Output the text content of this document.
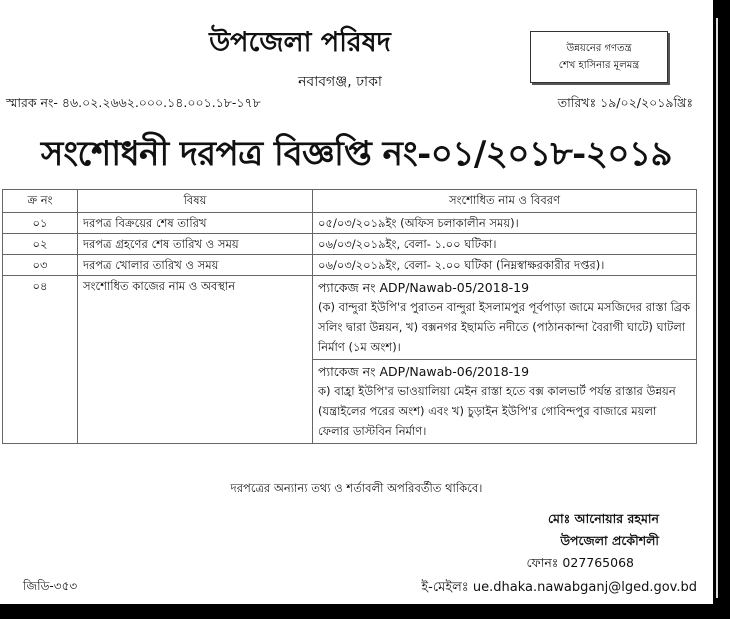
উপজেলা পরিষদ
নবাবগঞ্জ, ঢাকা
উন্নয়নের গণতন্ত্র
শেখ হাসিনার মূলমন্ত্র
স্মারক নং- ৪৬.০২.২৬৬২.০০০.১৪.০০১.১৮-১৭৮	তারিখঃ ১৯/০২/২০১৯খ্রিঃ
সংশোধনী দরপত্র বিজ্ঞপ্তি নং-০১/২০১৮-২০১৯
ক্র নং	বিষয়	সংশোধিত নাম ও বিবরণ
০১	দরপত্র বিক্রয়ের শেষ তারিখ	০৫/০৩/২০১৯ইং (অফিস চলাকালীন সময়)।
০২	দরপত্র গ্রহণের শেষ তারিখ ও সময়	০৬/০৩/২০১৯ইং, বেলা- ১.০০ ঘটিকা।
০৩	দরপত্র খোলার তারিখ ও সময়	০৬/০৩/২০১৯ইং, বেলা- ২.০০ ঘটিকা (নিম্নস্বাক্ষরকারীর দপ্তর)।
০৪	সংশোধিত কাজের নাম ও অবস্থান	প্যাকেজ নং ADP/Nawab-05/2018-19
(ক) বান্দুরা ইউপি'র পুরাতন বান্দুরা ইসলামপুর পূর্বপাড়া জামে মসজিদের রাস্তা ব্রিক সলিং দ্বারা উন্নয়ন, খ) বক্সনগর ইছামতি নদীতে (পাঠানকান্দা বৈরাগী ঘাটে) ঘাটলা নির্মাণ (১ম অংশ)।
প্যাকেজ নং ADP/Nawab-06/2018-19
ক) বাহ্রা ইউপি'র ভাওয়ালিয়া মেইন রাস্তা হতে বক্স কালভার্ট পর্যন্ত রাস্তার উন্নয়ন (যন্ত্রাইলের পরের অংশ) এবং খ) চুড়াইন ইউপি'র গোবিন্দপুর বাজারে ময়লা ফেলার ডাস্টবিন নির্মাণ।
দরপত্রের অন্যান্য তথ্য ও শর্তাবলী অপরিবর্তীত থাকিবে।
মোঃ আনোয়ার রহমান
উপজেলা প্রকৌশলী
ফোনঃ 027765068
জিডি-৩৫৩	ই-মেইলঃ ue.dhaka.nawabganj@lged.gov.bd
